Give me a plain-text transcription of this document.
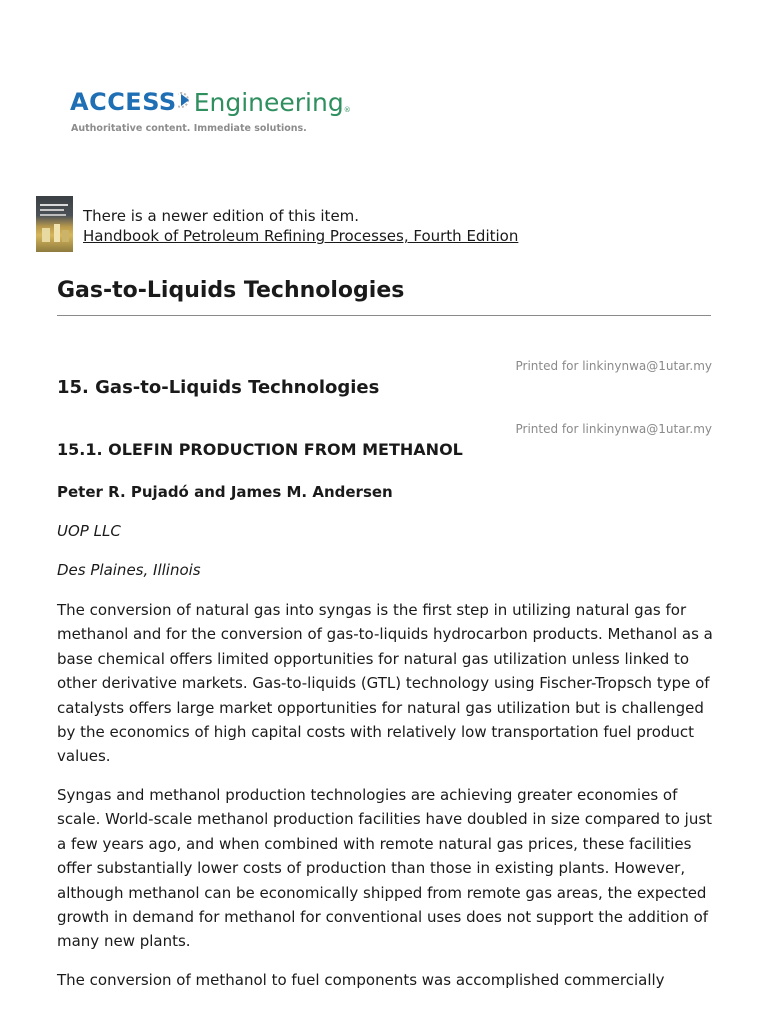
ACCESS Engineering ®
Authoritative content. Immediate solutions.
There is a newer edition of this item.
Handbook of Petroleum Refining Processes, Fourth Edition
Gas-to-Liquids Technologies
Printed for linkinynwa@1utar.my
15. Gas-to-Liquids Technologies
Printed for linkinynwa@1utar.my
15.1. OLEFIN PRODUCTION FROM METHANOL
Peter R. Pujadó and James M. Andersen
UOP LLC
Des Plaines, Illinois

The conversion of natural gas into syngas is the first step in utilizing natural gas for methanol and for the conversion of gas-to-liquids hydrocarbon products. Methanol as a base chemical offers limited opportunities for natural gas utilization unless linked to other derivative markets. Gas-to-liquids (GTL) technology using Fischer-Tropsch type of catalysts offers large market opportunities for natural gas utilization but is challenged by the economics of high capital costs with relatively low transportation fuel product values.

Syngas and methanol production technologies are achieving greater economies of scale. World-scale methanol production facilities have doubled in size compared to just a few years ago, and when combined with remote natural gas prices, these facilities offer substantially lower costs of production than those in existing plants. However, although methanol can be economically shipped from remote gas areas, the expected growth in demand for methanol for conventional uses does not support the addition of many new plants.

The conversion of methanol to fuel components was accomplished commercially
